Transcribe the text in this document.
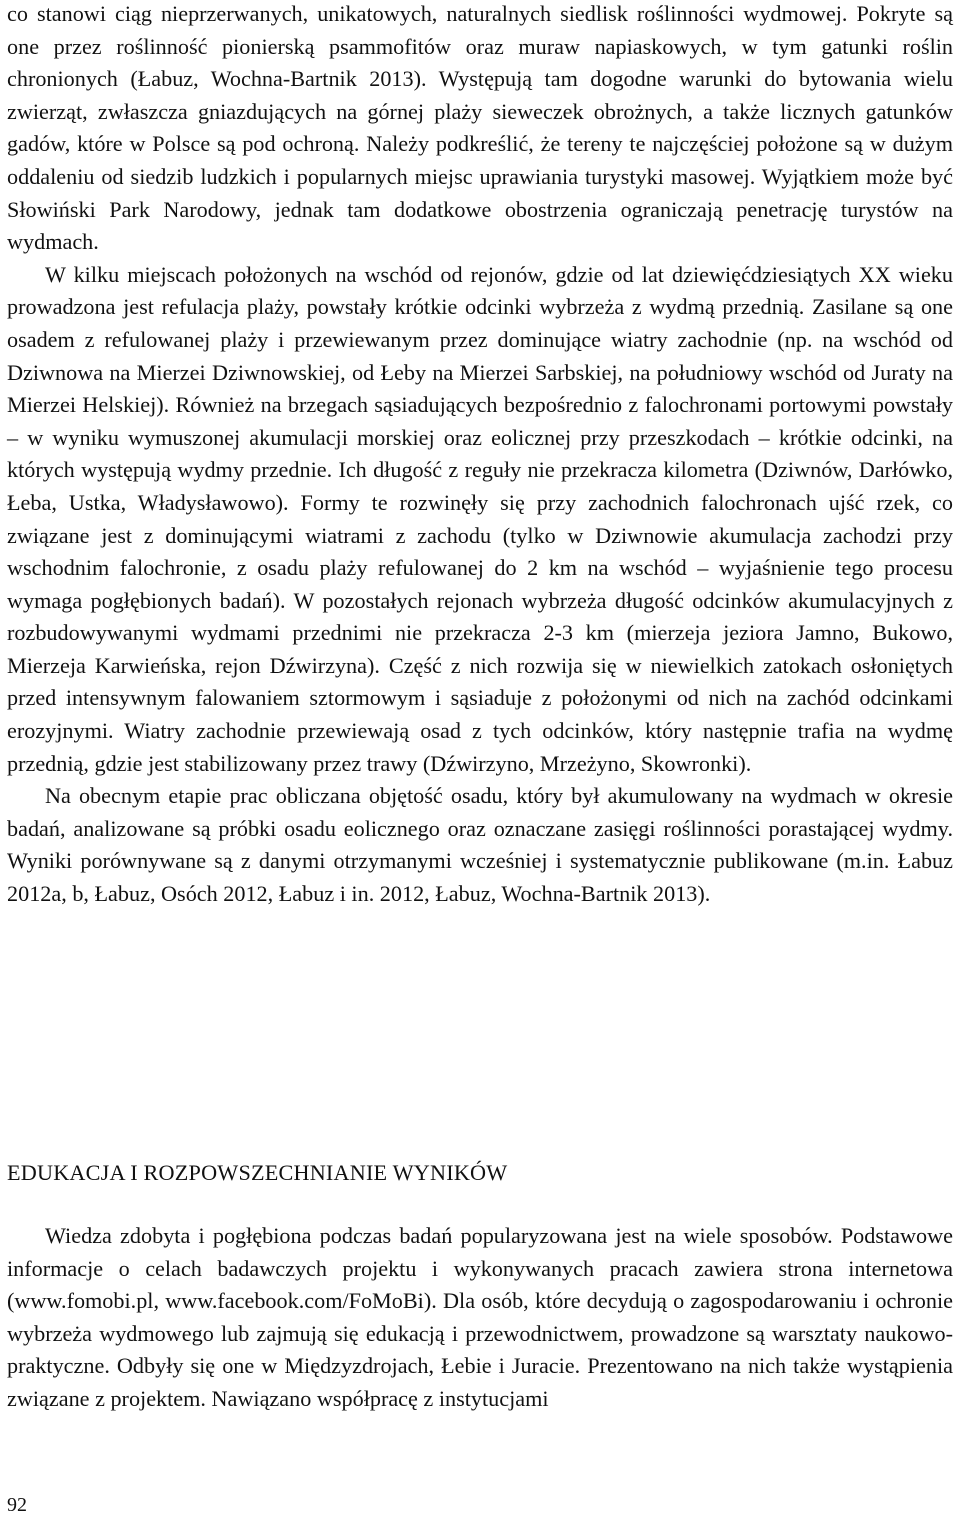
co stanowi ciąg nieprzerwanych, unikatowych, naturalnych siedlisk roślinności wydmowej. Pokryte są one przez roślinność pionierską psammofitów oraz muraw napiaskowych, w tym gatunki roślin chronionych (Łabuz, Wochna-Bartnik 2013). Występują tam dogodne warunki do bytowania wielu zwierząt, zwłaszcza gniazdujących na górnej plaży sieweczek obrożnych, a także licznych gatunków gadów, które w Polsce są pod ochroną. Należy podkreślić, że tereny te najczęściej położone są w dużym oddaleniu od siedzib ludzkich i popularnych miejsc uprawiania turystyki masowej. Wyjątkiem może być Słowiński Park Narodowy, jednak tam dodatkowe obostrzenia ograniczają penetrację turystów na wydmach.

W kilku miejscach położonych na wschód od rejonów, gdzie od lat dziewięćdziesiątych XX wieku prowadzona jest refulacja plaży, powstały krótkie odcinki wybrzeża z wydmą przednią. Zasilane są one osadem z refulowanej plaży i przewiewanym przez dominujące wiatry zachodnie (np. na wschód od Dziwnowa na Mierzei Dziwnowskiej, od Łeby na Mierzei Sarbskiej, na południowy wschód od Juraty na Mierzei Helskiej). Również na brzegach sąsiadujących bezpośrednio z falochronami portowymi powstały – w wyniku wymuszonej akumulacji morskiej oraz eolicznej przy przeszkodach – krótkie odcinki, na których występują wydmy przednie. Ich długość z reguły nie przekracza kilometra (Dziwnów, Darłówko, Łeba, Ustka, Władysławowo). Formy te rozwinęły się przy zachodnich falochronach ujść rzek, co związane jest z dominującymi wiatrami z zachodu (tylko w Dziwnowie akumulacja zachodzi przy wschodnim falochronie, z osadu plaży refulowanej do 2 km na wschód – wyjaśnienie tego procesu wymaga pogłębionych badań). W pozostałych rejonach wybrzeża długość odcinków akumulacyjnych z rozbudowywanymi wydmami przednimi nie przekracza 2-3 km (mierzeja jeziora Jamno, Bukowo, Mierzeja Karwieńska, rejon Dźwirzyna). Część z nich rozwija się w niewielkich zatokach osłoniętych przed intensywnym falowaniem sztormowym i sąsiaduje z położonymi od nich na zachód odcinkami erozyjnymi. Wiatry zachodnie przewiewają osad z tych odcinków, który następnie trafia na wydmę przednią, gdzie jest stabilizowany przez trawy (Dźwirzyno, Mrzeżyno, Skowronki).

Na obecnym etapie prac obliczana objętość osadu, który był akumulowany na wydmach w okresie badań, analizowane są próbki osadu eolicznego oraz oznaczane zasięgi roślinności porastającej wydmy. Wyniki porównywane są z danymi otrzymanymi wcześniej i systematycznie publikowane (m.in. Łabuz 2012a, b, Łabuz, Osóch 2012, Łabuz i in. 2012, Łabuz, Wochna-Bartnik 2013).

EDUKACJA I ROZPOWSZECHNIANIE WYNIKÓW

Wiedza zdobyta i pogłębiona podczas badań popularyzowana jest na wiele sposobów. Podstawowe informacje o celach badawczych projektu i wykonywanych pracach zawiera strona internetowa (www.fomobi.pl, www.facebook.com/FoMoBi). Dla osób, które decydują o zagospodarowaniu i ochronie wybrzeża wydmowego lub zajmują się edukacją i przewodnictwem, prowadzone są warsztaty naukowo-praktyczne. Odbyły się one w Międzyzdrojach, Łebie i Juracie. Prezentowano na nich także wystąpienia związane z projektem. Nawiązano współpracę z instytucjami

92
